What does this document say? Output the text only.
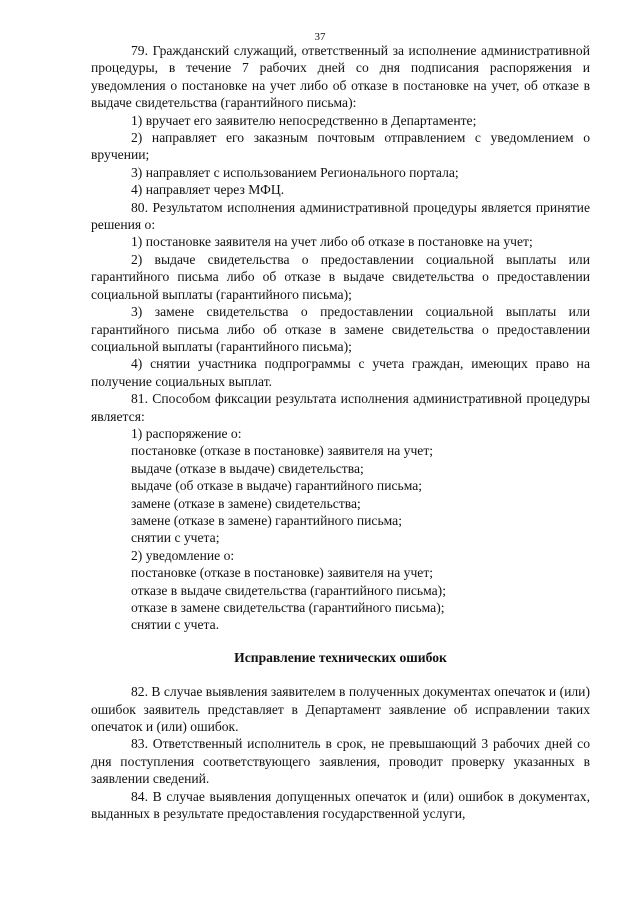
37
79. Гражданский служащий, ответственный за исполнение административной процедуры, в течение 7 рабочих дней со дня подписания распоряжения и уведомления о постановке на учет либо об отказе в постановке на учет, об отказе в выдаче свидетельства (гарантийного письма):
1) вручает его заявителю непосредственно в Департаменте;
2) направляет его заказным почтовым отправлением с уведомлением о вручении;
3) направляет с использованием Регионального портала;
4) направляет через МФЦ.
80. Результатом исполнения административной процедуры является принятие решения о:
1) постановке заявителя на учет либо об отказе в постановке на учет;
2) выдаче свидетельства о предоставлении социальной выплаты или гарантийного письма либо об отказе в выдаче свидетельства о предоставлении социальной выплаты (гарантийного письма);
3) замене свидетельства о предоставлении социальной выплаты или гарантийного письма либо об отказе в замене свидетельства о предоставлении социальной выплаты (гарантийного письма);
4) снятии участника подпрограммы с учета граждан, имеющих право на получение социальных выплат.
81. Способом фиксации результата исполнения административной процедуры является:
1) распоряжение о:
постановке (отказе в постановке) заявителя на учет;
выдаче (отказе в выдаче) свидетельства;
выдаче (об отказе в выдаче) гарантийного письма;
замене (отказе в замене) свидетельства;
замене (отказе в замене) гарантийного письма;
снятии с учета;
2) уведомление о:
постановке (отказе в постановке) заявителя на учет;
отказе в выдаче свидетельства (гарантийного письма);
отказе в замене свидетельства (гарантийного письма);
снятии с учета.
Исправление технических ошибок
82. В случае выявления заявителем в полученных документах опечаток и (или) ошибок заявитель представляет в Департамент заявление об исправлении таких опечаток и (или) ошибок.
83. Ответственный исполнитель в срок, не превышающий 3 рабочих дней со дня поступления соответствующего заявления, проводит проверку указанных в заявлении сведений.
84. В случае выявления допущенных опечаток и (или) ошибок в документах, выданных в результате предоставления государственной услуги,
